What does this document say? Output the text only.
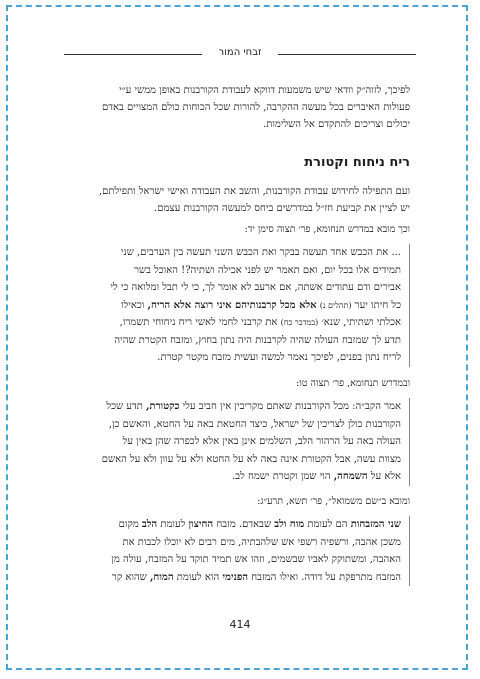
זבחי המור
לפיכך, לזוה״ק וודאי שיש משמעות דווקא לעבודת הקורבנות באופן ממשי ע״י
פעולות האיברים בכל מעשה ההקרבה, להורות שכל הכוחות כולם המצויים באדם
יכולים וצריכים להתקדם אל השלימות.
ריח ניחוח וקטורת
ועם התפילה לחידוש עבודת הקורבנות, והשב את העבודה ואישי ישראל ותפילתם,
יש לציין את קביעת חז״ל במדרשים ביחס למעשה הקורבנות עצמם.
וכך מובא במדרש תנחומא, פר׳ תצוה סימן יד:
... את הכבש אחד תעשה בבקר ואת הכבש השני תעשה בין הערבים, שני
תמידים אלו בכל יום, ואם תאמר יש לפני אכילה ושתיה?! האוכל בשר
אבירים ודם עתודים אשתה, אם ארעב לא אומר לך, כי לי תבל ומלואה כי לי
כל חיתו יער (תהלים נ) אלא מכל קרבנותיהם איני רוצה אלא הריח, וכאילו
אכלתי ושתיתי, שנא׳ (במדבר כח) את קרבני לחמי לאשי ריח ניחוחי תשמרו,
תדע לך שמזבח העולה שהיה לקרבנות היה נתון בחוץ, ומזבח הקטרת שהיה
לריח נתון בפנים, לפיכך נאמר למשה ועשית מזבח מקטר קטרת.
ובמדרש תנחומא, פר׳ תצוה טו:
אמר הקב״ה: מכל הקורבנות שאתם מקריבין אין חביב עלי כקטורת, תדע שכל
הקורבנות כולן לצריכין של ישראל, כיצד החטאת באה על החטא, והאשם כן,
העולה באה על הרהור הלב, השלמים אינן באין אלא לכפרה שהן באין על
מצוות עשה, אבל הקטורת אינה באה לא על החטא ולא על עוון ולא על האשם
אלא על השמחה, הוי שמן וקטרת ישמח לב.
ומובא ב״שם משמואל״, פר׳ תשא, תרע״ג:
שני המזבחות הם לעומת מוח ולב שבאדם. מזבח החיצון לעומת הלב מקום
משכן אהבה, ורשפיה רשפי אש שלהבתיה, מים רבים לא יוכלו לכבות את
האהבה, ומשתוקק לאביו שבשמים, וזהו אש תמיד תוקד על המזבח, עולה מן
המזבח מתרפקת על דודה. ואילו המזבח הפנימי הוא לעומת המוח, שהוא קר
414
